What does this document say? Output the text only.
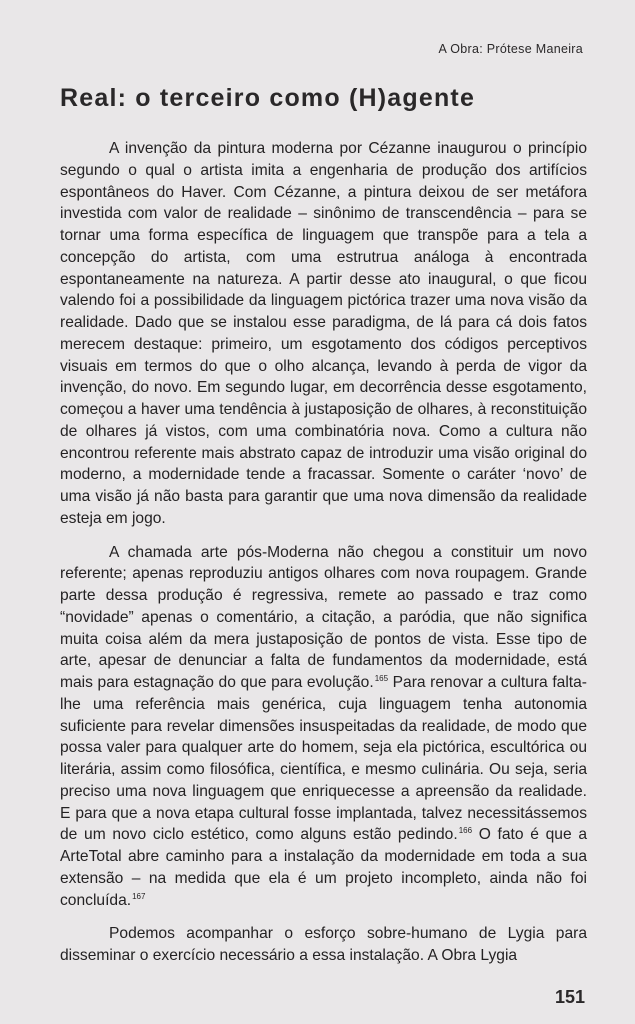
A Obra: Prótese Maneira
Real: o terceiro como (H)agente

A invenção da pintura moderna por Cézanne inaugurou o princípio segundo o qual o artista imita a engenharia de produção dos artifícios espontâneos do Haver. Com Cézanne, a pintura deixou de ser metáfora investida com valor de realidade – sinônimo de transcendência – para se tornar uma forma específica de linguagem que transpõe para a tela a concepção do artista, com uma estrutrua análoga à encontrada espontaneamente na natureza. A partir desse ato inaugural, o que ficou valendo foi a possibilidade da linguagem pictórica trazer uma nova visão da realidade. Dado que se instalou esse paradigma, de lá para cá dois fatos merecem destaque: primeiro, um esgotamento dos códigos perceptivos visuais em termos do que o olho alcança, levando à perda de vigor da invenção, do novo. Em segundo lugar, em decorrência desse esgotamento, começou a haver uma tendência à justaposição de olhares, à reconstituição de olhares já vistos, com uma combinatória nova. Como a cultura não encontrou referente mais abstrato capaz de introduzir uma visão original do moderno, a modernidade tende a fracassar. Somente o caráter ‘novo’ de uma visão já não basta para garantir que uma nova dimensão da realidade esteja em jogo.

A chamada arte pós-Moderna não chegou a constituir um novo referente; apenas reproduziu antigos olhares com nova roupagem. Grande parte dessa produção é regressiva, remete ao passado e traz como “novidade” apenas o comentário, a citação, a paródia, que não significa muita coisa além da mera justaposição de pontos de vista. Esse tipo de arte, apesar de denunciar a falta de fundamentos da modernidade, está mais para estagnação do que para evolução.$^{165}$ Para renovar a cultura falta-lhe uma referência mais genérica, cuja linguagem tenha autonomia suficiente para revelar dimensões insuspeitadas da realidade, de modo que possa valer para qualquer arte do homem, seja ela pictórica, escultórica ou literária, assim como filosófica, científica, e mesmo culinária. Ou seja, seria preciso uma nova linguagem que enriquecesse a apreensão da realidade. E para que a nova etapa cultural fosse implantada, talvez necessitássemos de um novo ciclo estético, como alguns estão pedindo.$^{166}$ O fato é que a ArteTotal abre caminho para a instalação da modernidade em toda a sua extensão – na medida que ela é um projeto incompleto, ainda não foi concluída.$^{167}$

Podemos acompanhar o esforço sobre-humano de Lygia para disseminar o exercício necessário a essa instalação. A Obra Lygia

151
